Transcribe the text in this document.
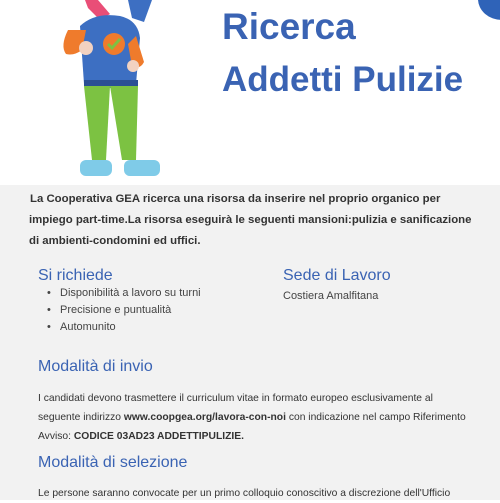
Ricerca
Addetti Pulizie

La Cooperativa GEA ricerca una risorsa da inserire nel proprio organico per
impiego part-time.La risorsa eseguirà le seguenti mansioni:pulizia e sanificazione
di ambienti-condomini ed uffici.

Si richiede
• Disponibilità a lavoro su turni
• Precisione e puntualità
• Automunito
Sede di Lavoro
Costiera Amalfitana
Modalità di invio

I candidati devono trasmettere il curriculum vitae in formato europeo esclusivamente al
seguente indirizzo www.coopgea.org/lavora-con-noi con indicazione nel campo Riferimento
Avviso: CODICE 03AD23 ADDETTIPULIZIE.

Modalità di selezione

Le persone saranno convocate per un primo colloquio conoscitivo a discrezione dell'Ufficio
